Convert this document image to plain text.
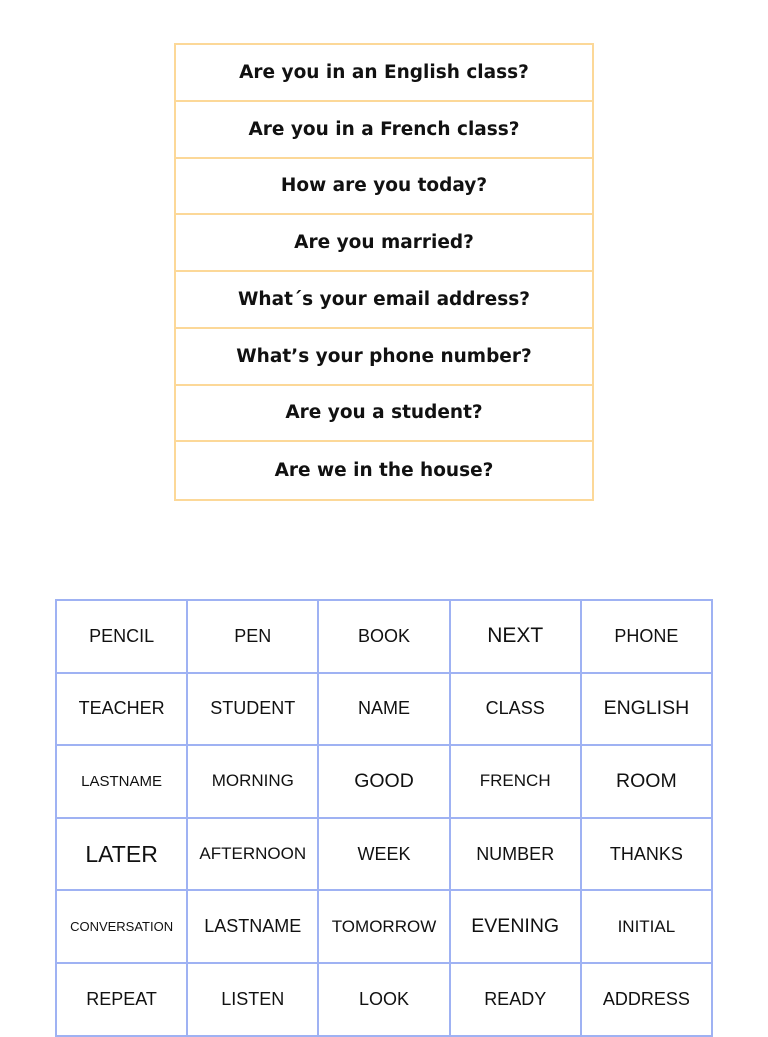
Are you in an English class?
Are you in a French class?
How are you today?
Are you married?
What´s your email address?
What’s your phone number?
Are you a student?
Are we in the house?
PENCIL	PEN	BOOK	NEXT	PHONE
TEACHER	STUDENT	NAME	CLASS	ENGLISH
LASTNAME	MORNING	GOOD	FRENCH	ROOM
LATER	AFTERNOON	WEEK	NUMBER	THANKS
CONVERSATION	LASTNAME	TOMORROW	EVENING	INITIAL
REPEAT	LISTEN	LOOK	READY	ADDRESS
